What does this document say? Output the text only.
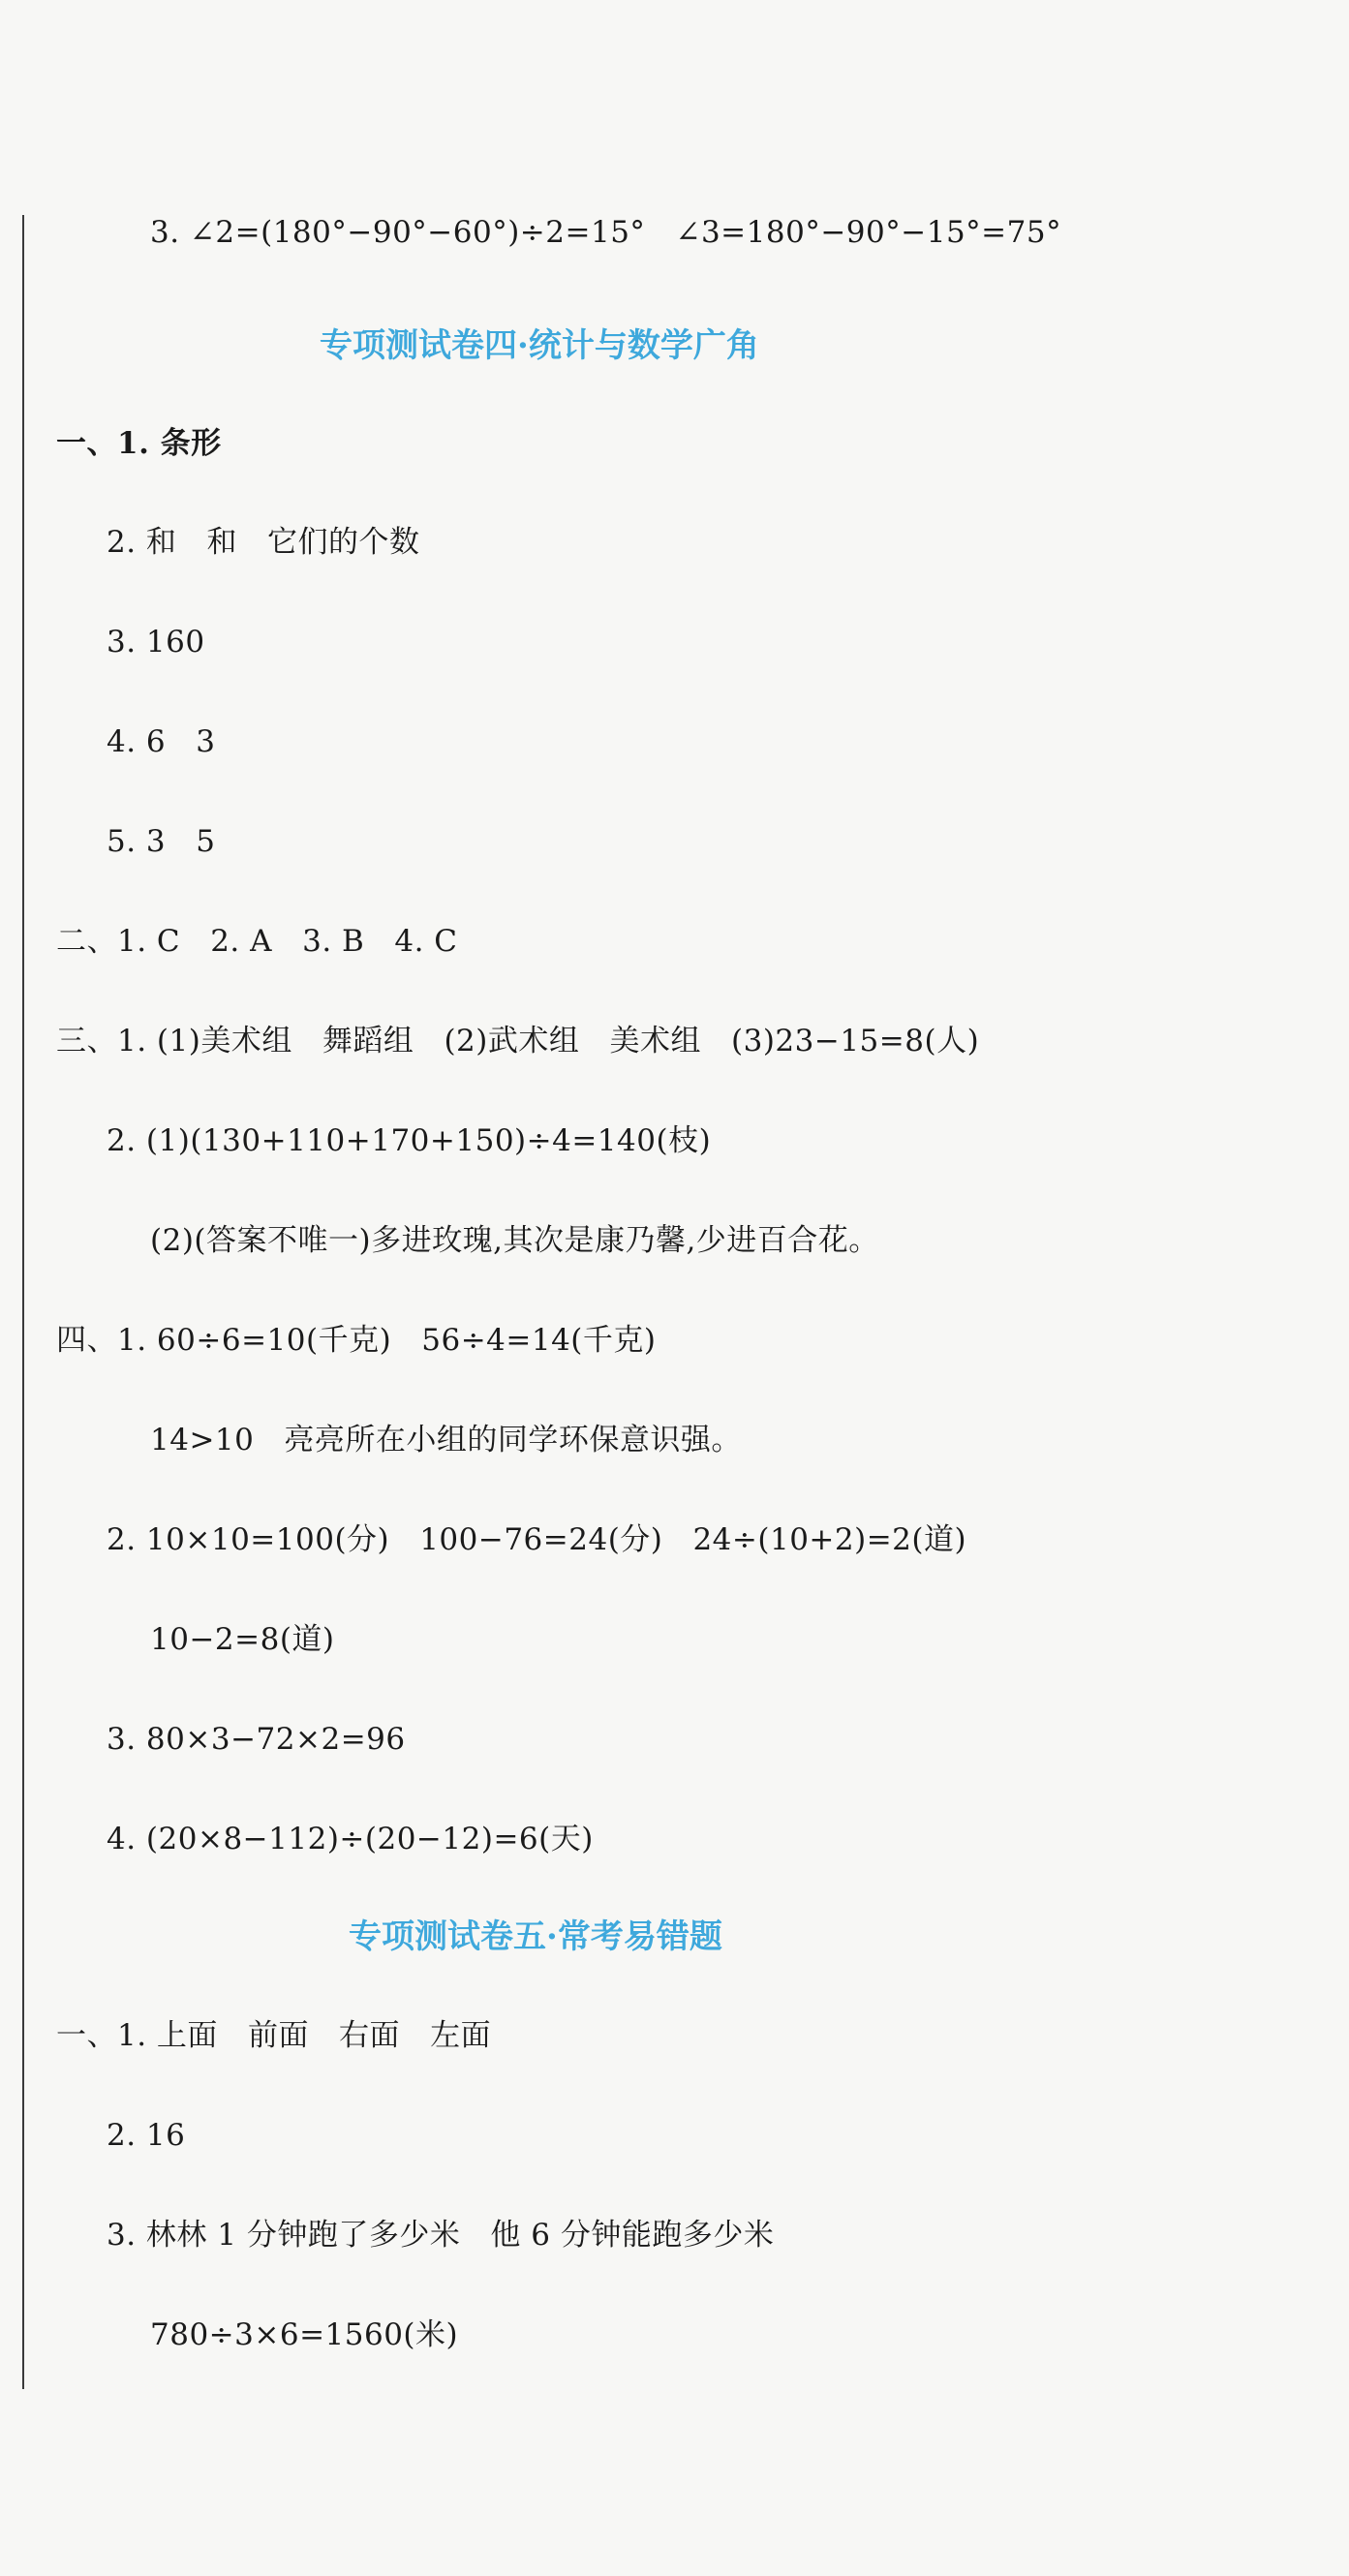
3. ∠2=(180°−90°−60°)÷2=15°   ∠3=180°−90°−15°=75°
专项测试卷四·统计与数学广角
一、1. 条形
2. 和   和   它们的个数
3. 160
4. 6   3
5. 3   5
二、1. C   2. A   3. B   4. C
三、1. (1)美术组   舞蹈组   (2)武术组   美术组   (3)23−15=8(人)
2. (1)(130+110+170+150)÷4=140(枝)
(2)(答案不唯一)多进玫瑰,其次是康乃馨,少进百合花。
四、1. 60÷6=10(千克)   56÷4=14(千克)
14>10   亮亮所在小组的同学环保意识强。
2. 10×10=100(分)   100−76=24(分)   24÷(10+2)=2(道)
10−2=8(道)
3. 80×3−72×2=96
4. (20×8−112)÷(20−12)=6(天)
专项测试卷五·常考易错题
一、1. 上面   前面   右面   左面
2. 16
3. 林林 1 分钟跑了多少米   他 6 分钟能跑多少米
780÷3×6=1560(米)
